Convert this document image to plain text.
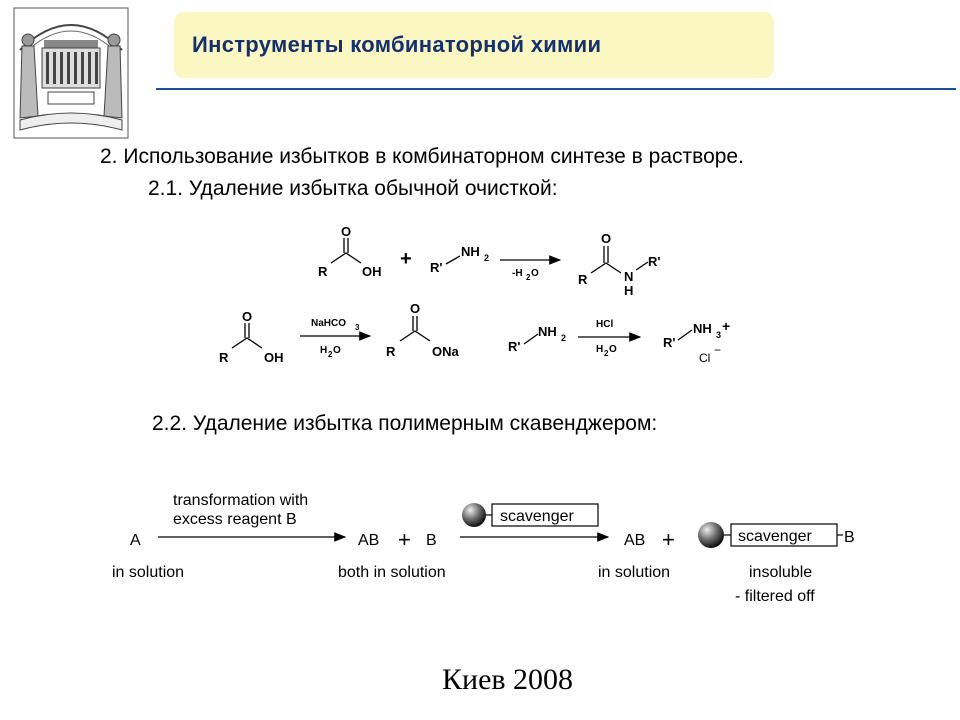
Инструменты комбинаторной химии
2. Использование избытков в комбинаторном синтезе в растворе.
2.1. Удаление избытка обычной очисткой:
2.2. Удаление избытка полимерным скавенджером:
O
R	OH
+ R'
NH 2
-H 2 O
O
R	N
H
R'
O
R	OH
NaHCO 3
H 2 O
O
R	ONa	R'
NH 2
HCl
H 2 O	R'
NH 3
+
Cl
−
A
in solution
transformation with
excess reagent B
AB + B
both in solution
scavenger
AB +
in solution
scavenger B
insoluble
- filtered off
Киев 2008
